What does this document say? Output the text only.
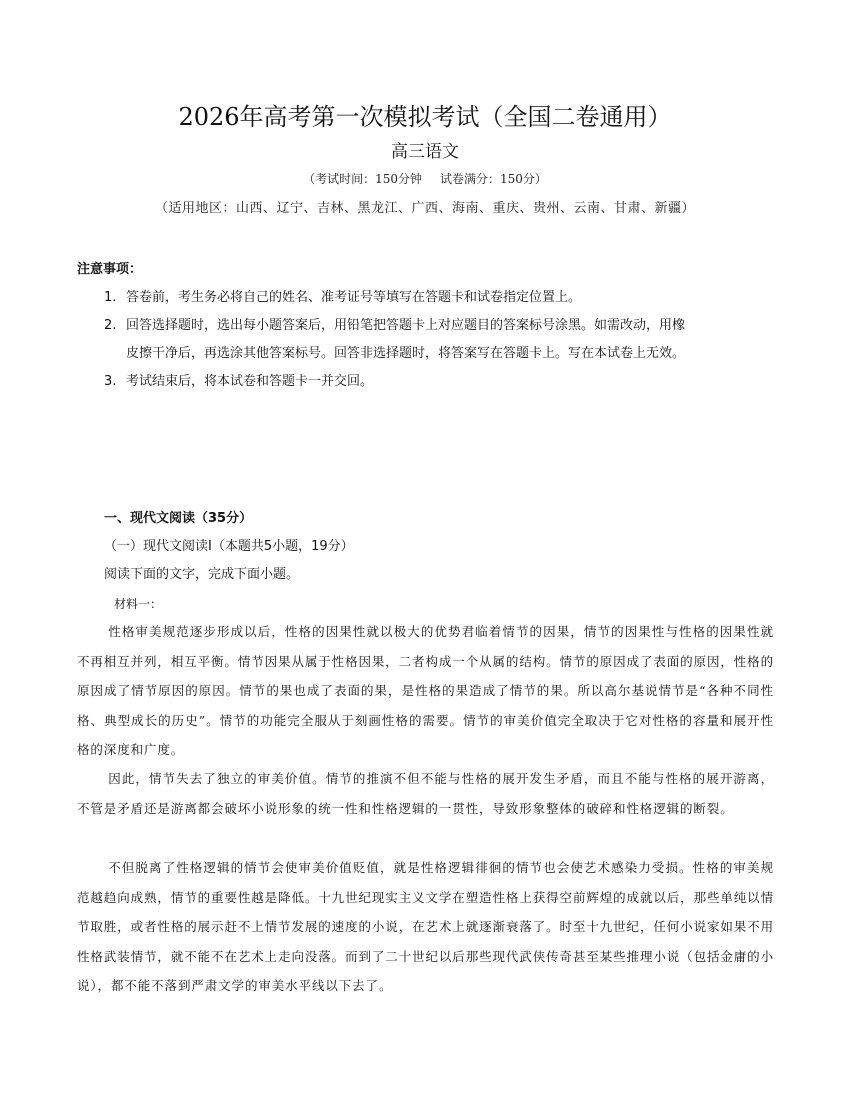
2026年高考第一次模拟考试（全国二卷通用）
高三语文
（考试时间：150分钟 试卷满分：150分）
（适用地区：山西、辽宁、吉林、黑龙江、广西、海南、重庆、贵州、云南、甘肃、新疆）
注意事项：
1. 答卷前，考生务必将自己的姓名、准考证号等填写在答题卡和试卷指定位置上。
2. 回答选择题时，选出每小题答案后，用铅笔把答题卡上对应题目的答案标号涂黑。如需改动，用橡
皮擦干净后，再选涂其他答案标号。回答非选择题时，将答案写在答题卡上。写在本试卷上无效。
3. 考试结束后，将本试卷和答题卡一并交回。
一、现代文阅读（35分）
（一）现代文阅读Ⅰ（本题共5小题，19分）
阅读下面的文字，完成下面小题。
材料一：
性格审美规范逐步形成以后，性格的因果性就以极大的优势君临着情节的因果，情节的因果性与性格的因果性就不再相互并列，相互平衡。情节因果从属于性格因果，二者构成一个从属的结构。情节的原因成了表面的原因，性格的原因成了情节原因的原因。情节的果也成了表面的果，是性格的果造成了情节的果。所以高尔基说情节是“各种不同性格、典型成长的历史”。情节的功能完全服从于刻画性格的需要。情节的审美价值完全取决于它对性格的容量和展开性格的深度和广度。
因此，情节失去了独立的审美价值。情节的推演不但不能与性格的展开发生矛盾，而且不能与性格的展开游离，不管是矛盾还是游离都会破坏小说形象的统一性和性格逻辑的一贯性，导致形象整体的破碎和性格逻辑的断裂。
不但脱离了性格逻辑的情节会使审美价值贬值，就是性格逻辑徘徊的情节也会使艺术感染力受损。性格的审美规范越趋向成熟，情节的重要性越是降低。十九世纪现实主义文学在塑造性格上获得空前辉煌的成就以后，那些单纯以情节取胜，或者性格的展示赶不上情节发展的速度的小说，在艺术上就逐渐衰落了。时至十九世纪，任何小说家如果不用性格武装情节，就不能不在艺术上走向没落。而到了二十世纪以后那些现代武侠传奇甚至某些推理小说（包括金庸的小说），都不能不落到严肃文学的审美水平线以下去了。
